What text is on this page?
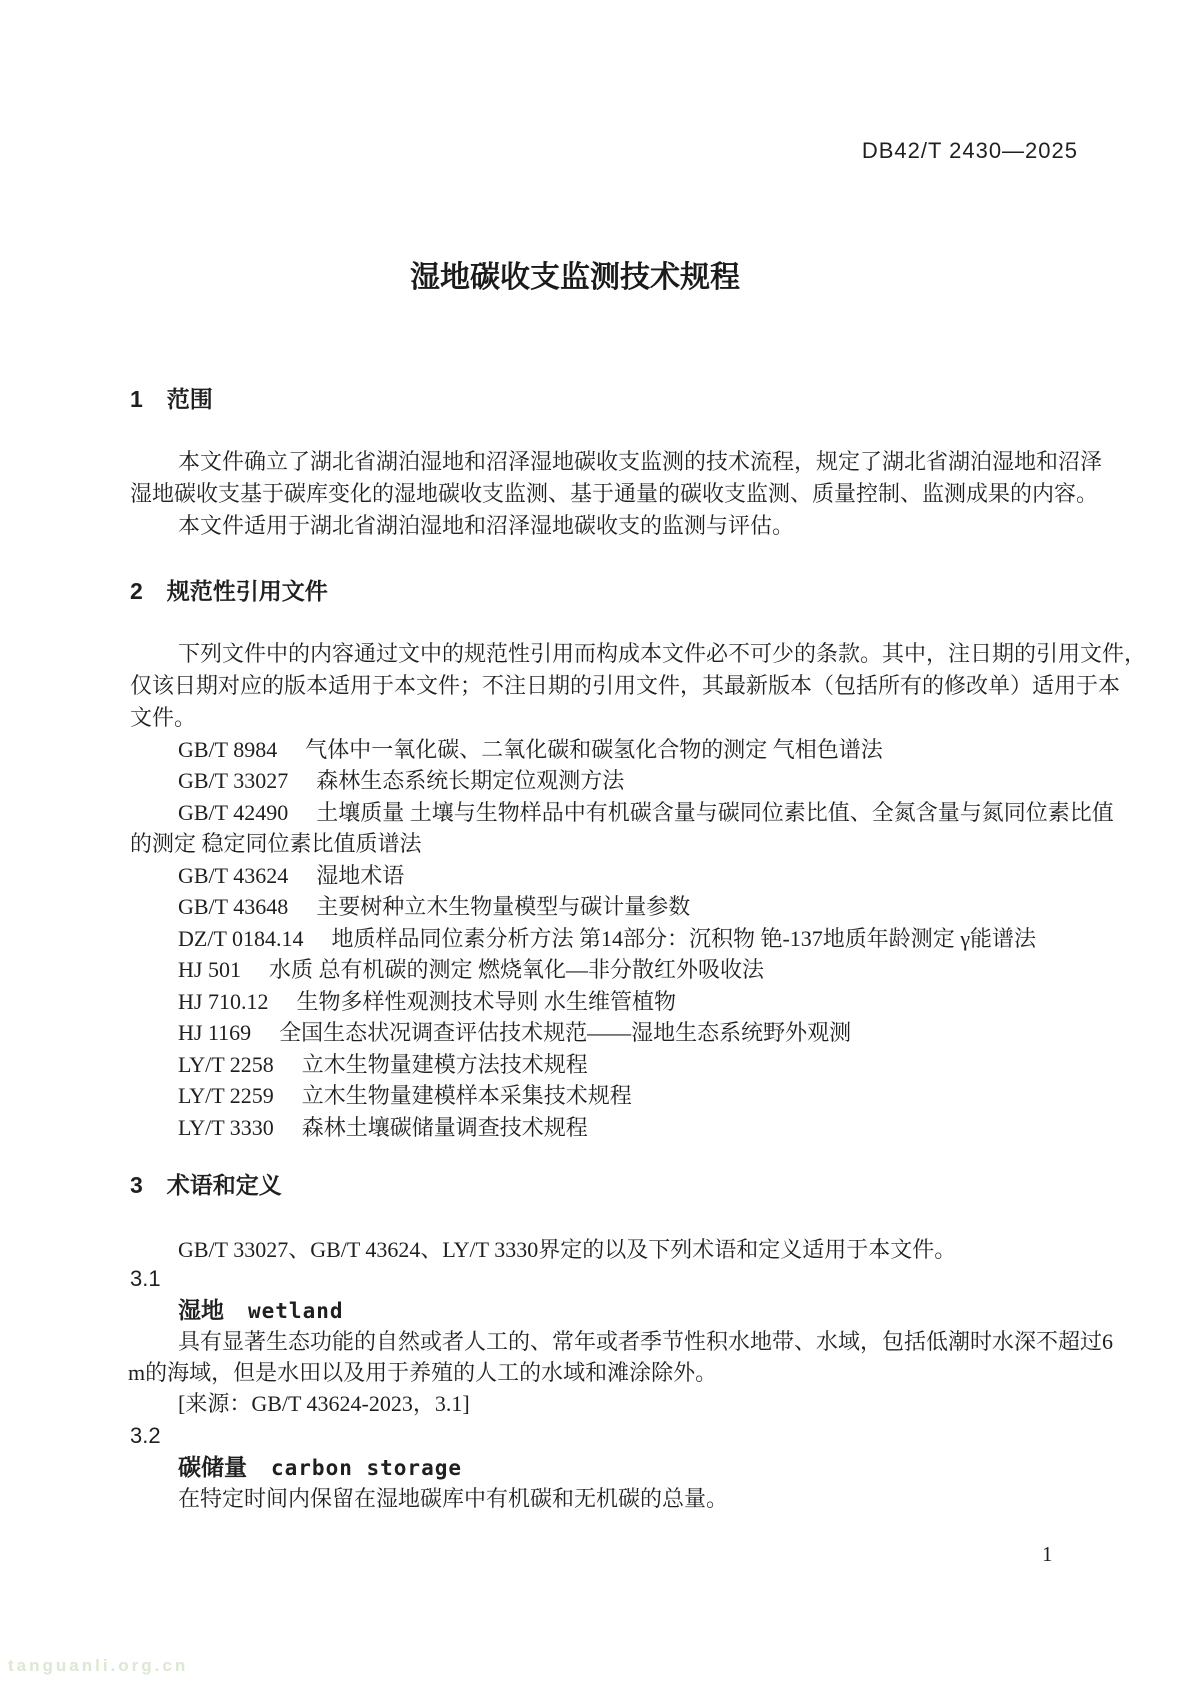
DB42/T 2430—2025
湿地碳收支监测技术规程
1 范围
本文件确立了湖北省湖泊湿地和沼泽湿地碳收支监测的技术流程，规定了湖北省湖泊湿地和沼泽
湿地碳收支基于碳库变化的湿地碳收支监测、基于通量的碳收支监测、质量控制、监测成果的内容。
本文件适用于湖北省湖泊湿地和沼泽湿地碳收支的监测与评估。
2 规范性引用文件
下列文件中的内容通过文中的规范性引用而构成本文件必不可少的条款。其中，注日期的引用文件，
仅该日期对应的版本适用于本文件；不注日期的引用文件，其最新版本（包括所有的修改单）适用于本
文件。
GB/T 8984 气体中一氧化碳、二氧化碳和碳氢化合物的测定 气相色谱法
GB/T 33027 森林生态系统长期定位观测方法
GB/T 42490 土壤质量 土壤与生物样品中有机碳含量与碳同位素比值、全氮含量与氮同位素比值
的测定 稳定同位素比值质谱法
GB/T 43624 湿地术语
GB/T 43648 主要树种立木生物量模型与碳计量参数
DZ/T 0184.14 地质样品同位素分析方法 第14部分：沉积物 铯-137地质年龄测定 γ能谱法
HJ 501 水质 总有机碳的测定 燃烧氧化—非分散红外吸收法
HJ 710.12 生物多样性观测技术导则 水生维管植物
HJ 1169 全国生态状况调查评估技术规范——湿地生态系统野外观测
LY/T 2258 立木生物量建模方法技术规程
LY/T 2259 立木生物量建模样本采集技术规程
LY/T 3330 森林土壤碳储量调查技术规程
3 术语和定义
GB/T 33027、GB/T 43624、LY/T 3330界定的以及下列术语和定义适用于本文件。
3.1
湿地 wetland
具有显著生态功能的自然或者人工的、常年或者季节性积水地带、水域，包括低潮时水深不超过6
m的海域，但是水田以及用于养殖的人工的水域和滩涂除外。
[来源：GB/T 43624-2023，3.1]
3.2
碳储量 carbon storage
在特定时间内保留在湿地碳库中有机碳和无机碳的总量。
1
tanguanli.org.cn
